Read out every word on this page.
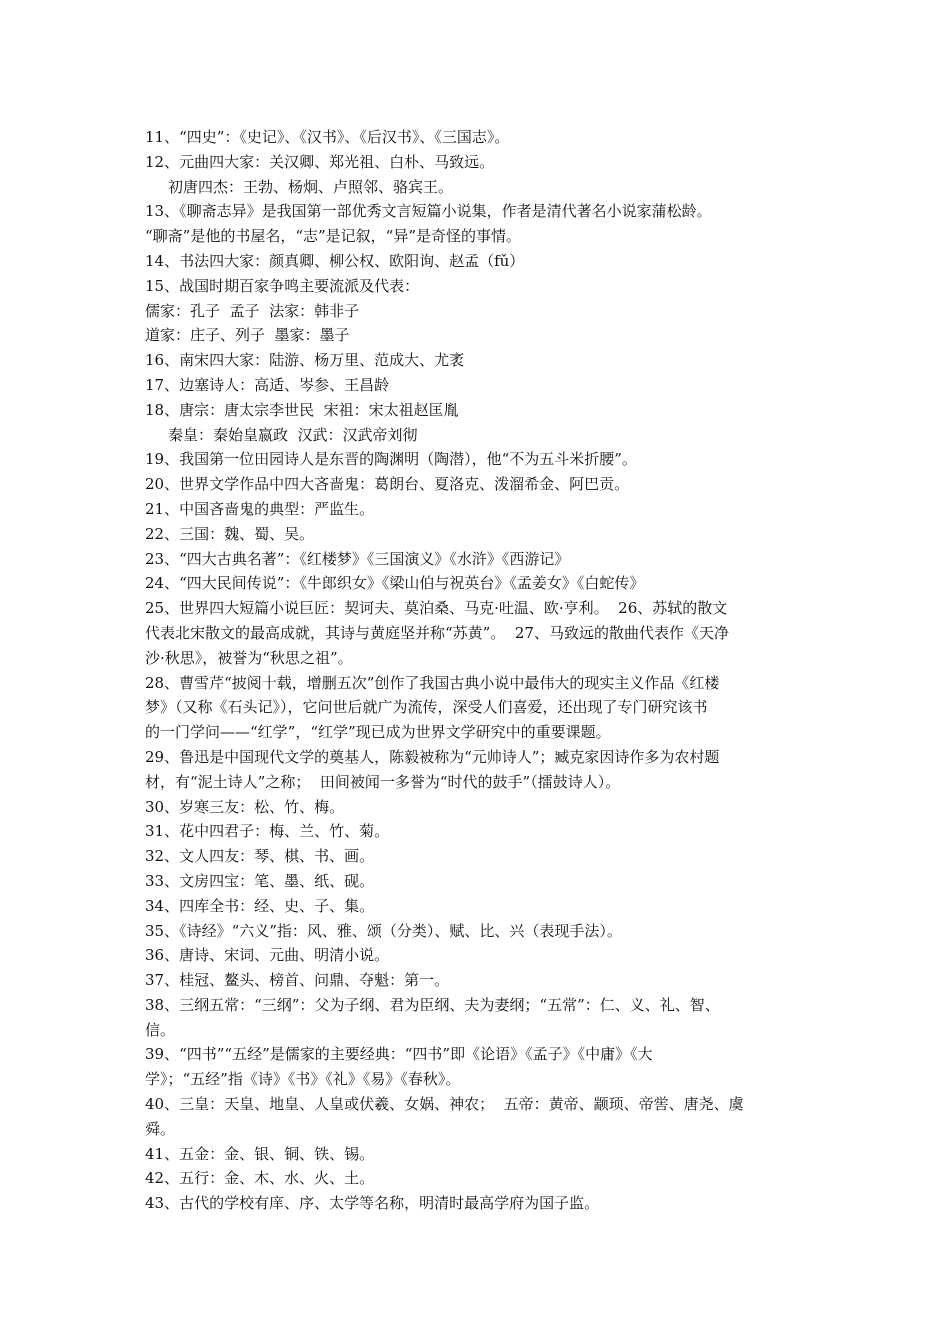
11、“四史”：《史记》、《汉书》、《后汉书》、《三国志》。
12、元曲四大家：关汉卿、郑光祖、白朴、马致远。
初唐四杰：王勃、杨炯、卢照邻、骆宾王。
13、《聊斋志异》是我国第一部优秀文言短篇小说集，作者是清代著名小说家蒲松龄。
“聊斋”是他的书屋名，“志”是记叙，“异”是奇怪的事情。
14、书法四大家：颜真卿、柳公权、欧阳询、赵孟（fǔ）
15、战国时期百家争鸣主要流派及代表：
儒家：孔子  孟子  法家：韩非子
道家：庄子、列子  墨家：墨子
16、南宋四大家：陆游、杨万里、范成大、尤袤
17、边塞诗人：高适、岑参、王昌龄
18、唐宗：唐太宗李世民  宋祖：宋太祖赵匡胤
秦皇：秦始皇嬴政  汉武：汉武帝刘彻
19、我国第一位田园诗人是东晋的陶渊明（陶潜），他“不为五斗米折腰”。
20、世界文学作品中四大吝啬鬼：葛朗台、夏洛克、泼溜希金、阿巴贡。
21、中国吝啬鬼的典型：严监生。
22、三国：魏、蜀、吴。
23、“四大古典名著”：《红楼梦》《三国演义》《水浒》《西游记》
24、“四大民间传说”：《牛郎织女》《梁山伯与祝英台》《孟姜女》《白蛇传》
25、世界四大短篇小说巨匠：契诃夫、莫泊桑、马克·吐温、欧·亨利。  26、苏轼的散文
代表北宋散文的最高成就，其诗与黄庭坚并称“苏黄”。  27、马致远的散曲代表作《天净
沙·秋思》，被誉为“秋思之祖”。
28、曹雪芹“披阅十载，增删五次”创作了我国古典小说中最伟大的现实主义作品《红楼
梦》（又称《石头记》），它问世后就广为流传，深受人们喜爱，还出现了专门研究该书
的一门学问——“红学”，“红学”现已成为世界文学研究中的重要课题。
29、鲁迅是中国现代文学的奠基人，陈毅被称为“元帅诗人”；臧克家因诗作多为农村题
材，有“泥土诗人”之称；  田间被闻一多誉为“时代的鼓手”（擂鼓诗人）。
30、岁寒三友：松、竹、梅。
31、花中四君子：梅、兰、竹、菊。
32、文人四友：琴、棋、书、画。
33、文房四宝：笔、墨、纸、砚。
34、四库全书：经、史、子、集。
35、《诗经》“六义”指：风、雅、颂（分类）、赋、比、兴（表现手法）。
36、唐诗、宋词、元曲、明清小说。
37、桂冠、鳌头、榜首、问鼎、夺魁：第一。
38、三纲五常：“三纲”：父为子纲、君为臣纲、夫为妻纲；“五常”：仁、义、礼、智、
信。
39、“四书”“五经”是儒家的主要经典：“四书”即《论语》《孟子》《中庸》《大
学》；“五经”指《诗》《书》《礼》《易》《春秋》。
40、三皇：天皇、地皇、人皇或伏羲、女娲、神农；  五帝：黄帝、颛顼、帝喾、唐尧、虞
舜。
41、五金：金、银、铜、铁、锡。
42、五行：金、木、水、火、土。
43、古代的学校有庠、序、太学等名称，明清时最高学府为国子监。
